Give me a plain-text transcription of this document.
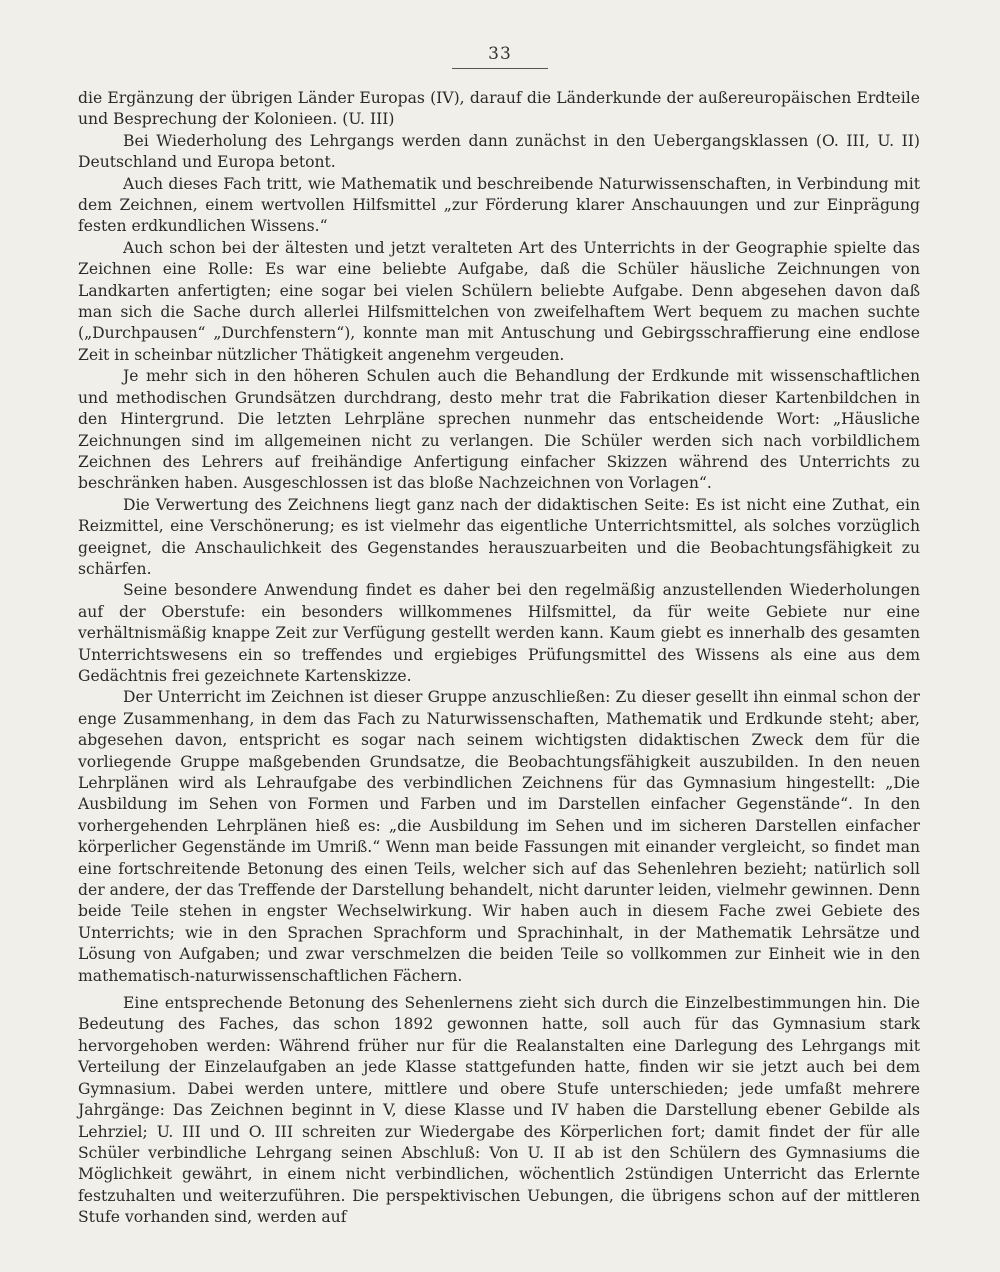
33

die Ergänzung der übrigen Länder Europas (IV), darauf die Länderkunde der außereuropäischen Erdteile und Besprechung der Kolonieen. (U. III)

Bei Wiederholung des Lehrgangs werden dann zunächst in den Uebergangsklassen (O. III, U. II) Deutschland und Europa betont.

Auch dieses Fach tritt, wie Mathematik und beschreibende Naturwissenschaften, in Verbindung mit dem Zeichnen, einem wertvollen Hilfsmittel „zur Förderung klarer Anschauungen und zur Einprägung festen erdkundlichen Wissens.“

Auch schon bei der ältesten und jetzt veralteten Art des Unterrichts in der Geographie spielte das Zeichnen eine Rolle: Es war eine beliebte Aufgabe, daß die Schüler häusliche Zeichnungen von Landkarten anfertigten; eine sogar bei vielen Schülern beliebte Aufgabe. Denn abgesehen davon daß man sich die Sache durch allerlei Hilfsmittelchen von zweifelhaftem Wert bequem zu machen suchte („Durchpausen“ „Durchfenstern“), konnte man mit Antuschung und Gebirgsschraffierung eine endlose Zeit in scheinbar nützlicher Thätigkeit angenehm vergeuden.

Je mehr sich in den höheren Schulen auch die Behandlung der Erdkunde mit wissenschaftlichen und methodischen Grundsätzen durchdrang, desto mehr trat die Fabrikation dieser Kartenbildchen in den Hintergrund. Die letzten Lehrpläne sprechen nunmehr das entscheidende Wort: „Häusliche Zeichnungen sind im allgemeinen nicht zu verlangen. Die Schüler werden sich nach vorbildlichem Zeichnen des Lehrers auf freihändige Anfertigung einfacher Skizzen während des Unterrichts zu beschränken haben. Ausgeschlossen ist das bloße Nachzeichnen von Vorlagen“.

Die Verwertung des Zeichnens liegt ganz nach der didaktischen Seite: Es ist nicht eine Zuthat, ein Reizmittel, eine Verschönerung; es ist vielmehr das eigentliche Unterrichtsmittel, als solches vorzüglich geeignet, die Anschaulichkeit des Gegenstandes herauszuarbeiten und die Beobachtungsfähigkeit zu schärfen.

Seine besondere Anwendung findet es daher bei den regelmäßig anzustellenden Wiederholungen auf der Oberstufe: ein besonders willkommenes Hilfsmittel, da für weite Gebiete nur eine verhältnismäßig knappe Zeit zur Verfügung gestellt werden kann. Kaum giebt es innerhalb des gesamten Unterrichtswesens ein so treffendes und ergiebiges Prüfungsmittel des Wissens als eine aus dem Gedächtnis frei gezeichnete Kartenskizze.

Der Unterricht im Zeichnen ist dieser Gruppe anzuschließen: Zu dieser gesellt ihn einmal schon der enge Zusammenhang, in dem das Fach zu Naturwissenschaften, Mathematik und Erdkunde steht; aber, abgesehen davon, entspricht es sogar nach seinem wichtigsten didaktischen Zweck dem für die vorliegende Gruppe maßgebenden Grundsatze, die Beobachtungsfähigkeit auszubilden. In den neuen Lehrplänen wird als Lehraufgabe des verbindlichen Zeichnens für das Gymnasium hingestellt: „Die Ausbildung im Sehen von Formen und Farben und im Darstellen einfacher Gegenstände“. In den vorhergehenden Lehrplänen hieß es: „die Ausbildung im Sehen und im sicheren Darstellen einfacher körperlicher Gegenstände im Umriß.“ Wenn man beide Fassungen mit einander vergleicht, so findet man eine fortschreitende Betonung des einen Teils, welcher sich auf das Sehenlehren bezieht; natürlich soll der andere, der das Treffende der Darstellung behandelt, nicht darunter leiden, vielmehr gewinnen. Denn beide Teile stehen in engster Wechselwirkung. Wir haben auch in diesem Fache zwei Gebiete des Unterrichts; wie in den Sprachen Sprachform und Sprachinhalt, in der Mathematik Lehrsätze und Lösung von Aufgaben; und zwar verschmelzen die beiden Teile so vollkommen zur Einheit wie in den mathematisch-naturwissenschaftlichen Fächern.

Eine entsprechende Betonung des Sehenlernens zieht sich durch die Einzelbestimmungen hin. Die Bedeutung des Faches, das schon 1892 gewonnen hatte, soll auch für das Gymnasium stark hervorgehoben werden: Während früher nur für die Realanstalten eine Darlegung des Lehrgangs mit Verteilung der Einzelaufgaben an jede Klasse stattgefunden hatte, finden wir sie jetzt auch bei dem Gymnasium. Dabei werden untere, mittlere und obere Stufe unterschieden; jede umfaßt mehrere Jahrgänge: Das Zeichnen beginnt in V, diese Klasse und IV haben die Darstellung ebener Gebilde als Lehrziel; U. III und O. III schreiten zur Wiedergabe des Körperlichen fort; damit findet der für alle Schüler verbindliche Lehrgang seinen Abschluß: Von U. II ab ist den Schülern des Gymnasiums die Möglichkeit gewährt, in einem nicht verbindlichen, wöchentlich 2stündigen Unterricht das Erlernte festzuhalten und weiterzuführen. Die perspektivischen Uebungen, die übrigens schon auf der mittleren Stufe vorhanden sind, werden auf
